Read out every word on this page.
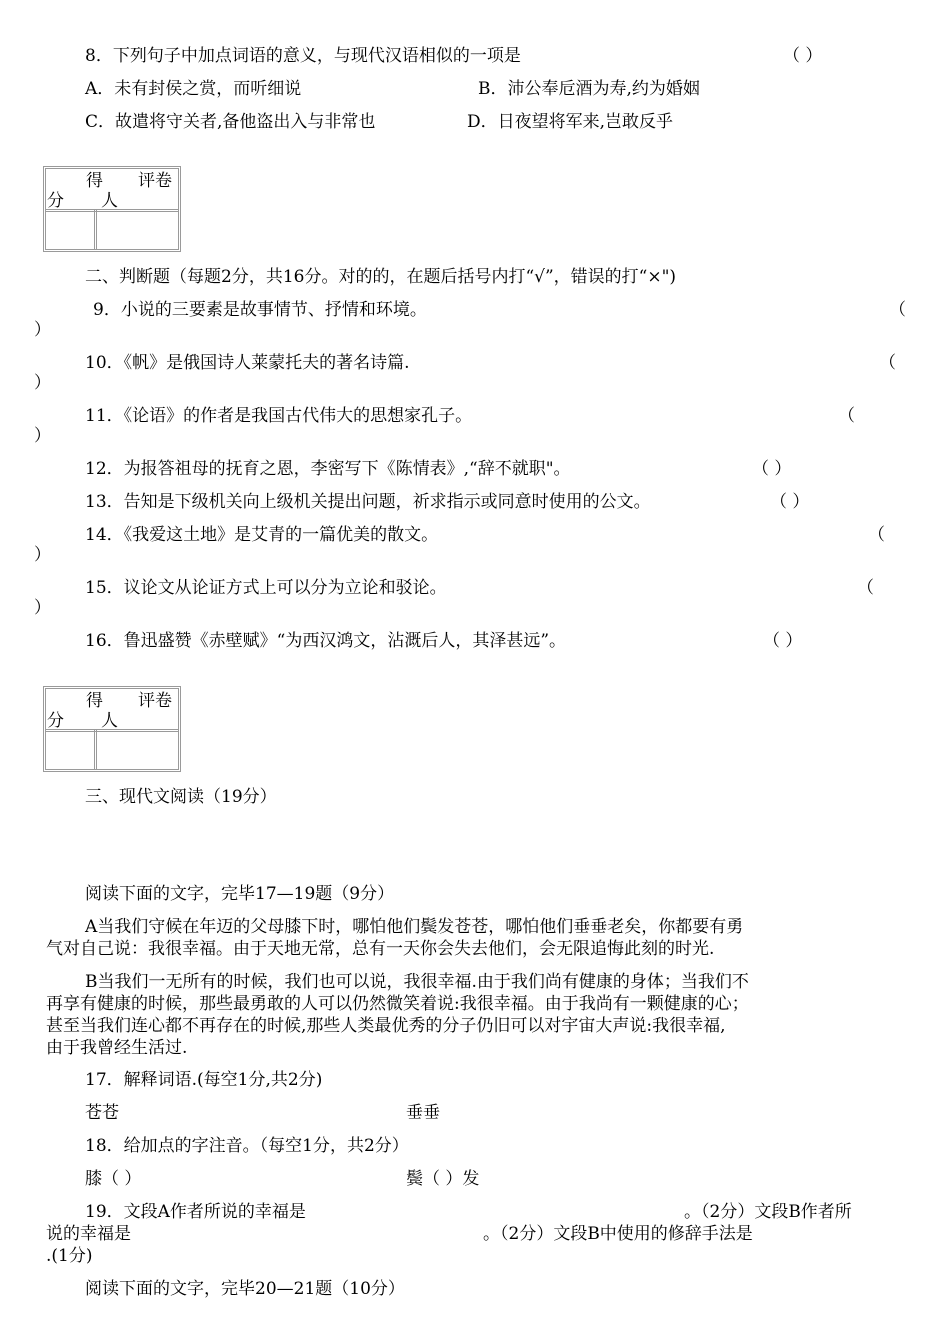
8．下列句子中加点词语的意义，与现代汉语相似的一项是	（ ）
A．未有封侯之赏，而听细说	B．沛公奉卮酒为寿,约为婚姻
C．故遣将守关者,备他盗出入与非常也	D．日夜望将军来,岂敢反乎
得 评卷
分 人
二、判断题（每题2分，共16分。对的的，在题后括号内打“√”，错误的打“×")
9．小说的三要素是故事情节、抒情和环境。	（
）
10．《帆》是俄国诗人莱蒙托夫的著名诗篇.	（
）
11．《论语》的作者是我国古代伟大的思想家孔子。	（
）
12．为报答祖母的抚育之恩，李密写下《陈情表》,“辞不就职"。	（ ）
13．告知是下级机关向上级机关提出问题，祈求指示或同意时使用的公文。	（ ）
14．《我爱这土地》是艾青的一篇优美的散文。	（
）
15．议论文从论证方式上可以分为立论和驳论。	（
）
16．鲁迅盛赞《赤壁赋》“为西汉鸿文，沾溉后人，其泽甚远”。	（ ）
得 评卷
分 人
三、现代文阅读（19分）
阅读下面的文字，完毕17—19题（9分）
A当我们守候在年迈的父母膝下时，哪怕他们鬓发苍苍，哪怕他们垂垂老矣，你都要有勇
气对自己说：我很幸福。由于天地无常，总有一天你会失去他们，会无限追悔此刻的时光.
B当我们一无所有的时候，我们也可以说，我很幸福.由于我们尚有健康的身体；当我们不
再享有健康的时候，那些最勇敢的人可以仍然微笑着说:我很幸福。由于我尚有一颗健康的心；
甚至当我们连心都不再存在的时候,那些人类最优秀的分子仍旧可以对宇宙大声说:我很幸福,
由于我曾经生活过.
17．解释词语.(每空1分,共2分)
苍苍	垂垂
18．给加点的字注音。（每空1分，共2分）
膝（ ）	鬓（ ）发
19．文段A作者所说的幸福是	。（2分）文段B作者所
说的幸福是	。（2分）文段B中使用的修辞手法是
.(1分)
阅读下面的文字，完毕20—21题（10分）
